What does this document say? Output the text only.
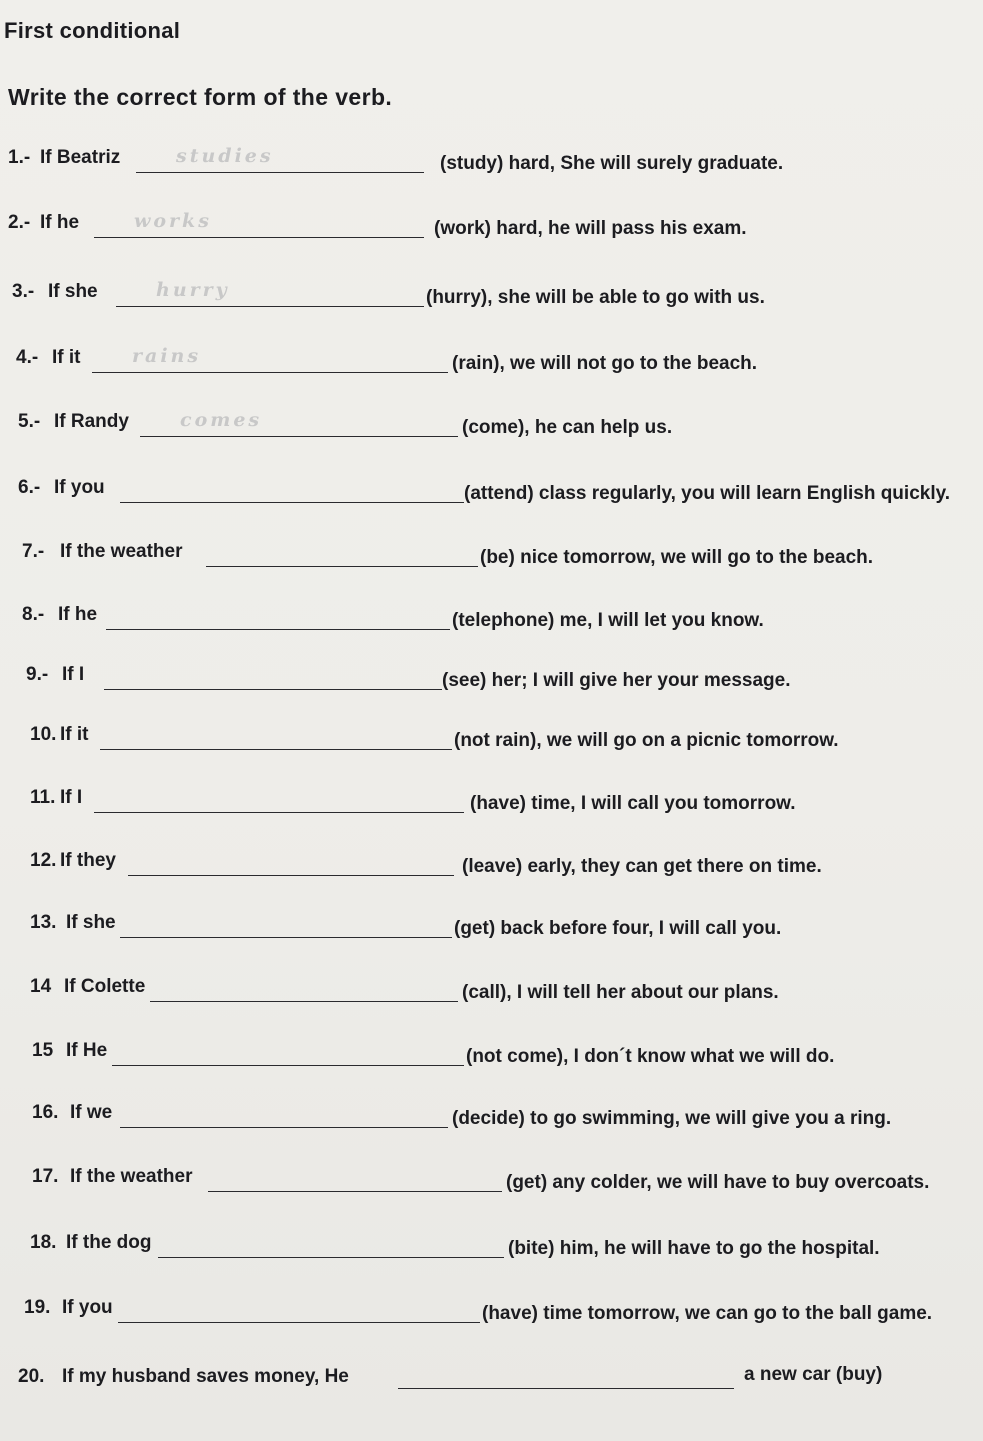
First conditional
Write the correct form of the verb.
1.- If Beatriz	studies	(study) hard, She will surely graduate.
2.- If he	works	(work) hard, he will pass his exam.
3.- If she	hurry	(hurry), she will be able to go with us.
4.- If it	rains	(rain), we will not go to the beach.
5.- If Randy	comes	(come), he can help us.
6.- If you	(attend) class regularly, you will learn English quickly.
7.- If the weather	(be) nice tomorrow, we will go to the beach.
8.- If he	(telephone) me, I will let you know.
9.- If I	(see) her; I will give her your message.
10. If it	(not rain), we will go on a picnic tomorrow.
11. If I	(have) time, I will call you tomorrow.
12. If they	(leave) early, they can get there on time.
13. If she	(get) back before four, I will call you.
14 If Colette	(call), I will tell her about our plans.
15 If He	(not come), I don´t know what we will do.
16. If we	(decide) to go swimming, we will give you a ring.
17. If the weather	(get) any colder, we will have to buy overcoats.
18. If the dog	(bite) him, he will have to go the hospital.
19. If you	(have) time tomorrow, we can go to the ball game.
20. If my husband saves money, He	a new car (buy)
